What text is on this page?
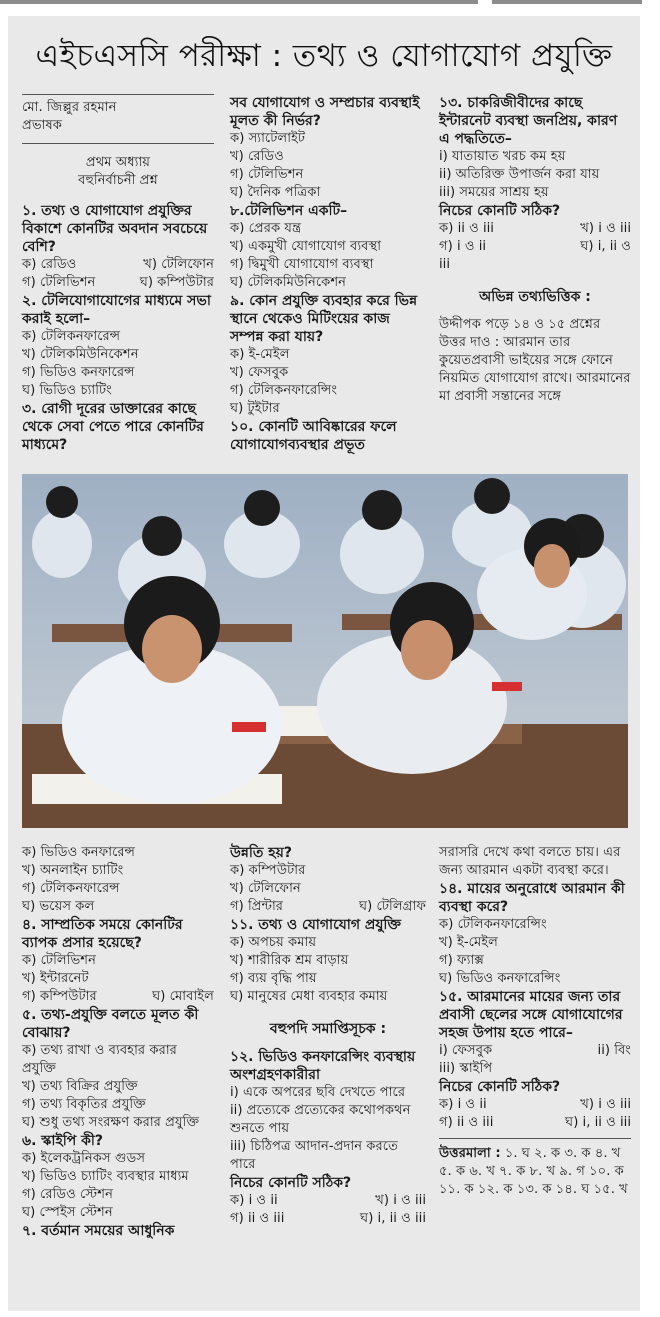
এইচএসসি পরীক্ষা : তথ্য ও যোগাযোগ প্রযুক্তি

মো. জিল্লুর রহমান

প্রভাষক

প্রথম অধ্যায়

বহুনির্বাচনী প্রশ্ন

১. তথ্য ও যোগাযোগ প্রযুক্তির বিকাশে কোনটির অবদান সবচেয়ে বেশি?

ক) রেডিও	খ) টেলিফোন
গ) টেলিভিশন	ঘ) কম্পিউটার

২. টেলিযোগাযোগের মাধ্যমে সভা করাই হলো–

ক) টেলিকনফারেন্স

খ) টেলিকমিউনিকেশন

গ) ভিডিও কনফারেন্স

ঘ) ভিডিও চ্যাটিং

৩. রোগী দূরের ডাক্তারের কাছে থেকে সেবা পেতে পারে কোনটির মাধ্যমে?

সব যোগাযোগ ও সম্প্রচার ব্যবস্থাই মূলত কী নির্ভর?

ক) স্যাটেলাইট

খ) রেডিও

গ) টেলিভিশন

ঘ) দৈনিক পত্রিকা

৮.টেলিভিশন একটি–

ক) প্রেরক যন্ত্র

খ) একমুখী যোগাযোগ ব্যবস্থা

গ) দ্বিমুখী যোগাযোগ ব্যবস্থা

ঘ) টেলিকমিউনিকেশন

৯. কোন প্রযুক্তি ব্যবহার করে ভিন্ন স্থানে থেকেও মিটিংয়ের কাজ সম্পন্ন করা যায়?

ক) ই-মেইল

খ) ফেসবুক

গ) টেলিকনফারেন্সিং

ঘ) টুইটার

১০. কোনটি আবিষ্কারের ফলে যোগাযোগব্যবস্থার প্রভূত

১৩. চাকরিজীবীদের কাছে ইন্টারনেট ব্যবস্থা জনপ্রিয়, কারণ এ পদ্ধতিতে–

i) যাতায়াত খরচ কম হয়

ii) অতিরিক্ত উপার্জন করা যায়

iii) সময়ের সাশ্রয় হয়

নিচের কোনটি সঠিক?

ক) ii ও iii	খ) i ও iii
গ) i ও ii	ঘ) i, ii ও

iii

অভিন্ন তথ্যভিত্তিক :

উদ্দীপক পড়ে ১৪ ও ১৫ প্রশ্নের উত্তর দাও : আরমান তার কুয়েতপ্রবাসী ভাইয়ের সঙ্গে ফোনে নিয়মিত যোগাযোগ রাখে। আরমানের মা প্রবাসী সন্তানের সঙ্গে

ক) ভিডিও কনফারেন্স

খ) অনলাইন চ্যাটিং

গ) টেলিকনফারেন্স

ঘ) ভয়েস কল

৪. সাম্প্রতিক সময়ে কোনটির ব্যাপক প্রসার হয়েছে?

ক) টেলিভিশন

খ) ইন্টারনেট

গ) কম্পিউটার	ঘ) মোবাইল

৫. তথ্য-প্রযুক্তি বলতে মূলত কী বোঝায়?

ক) তথ্য রাখা ও ব্যবহার করার প্রযুক্তি

খ) তথ্য বিক্রির প্রযুক্তি

গ) তথ্য বিকৃতির প্রযুক্তি

ঘ) শুধু তথ্য সংরক্ষণ করার প্রযুক্তি

৬. স্কাইপি কী?

ক) ইলেকট্রনিকস গুডস

খ) ভিডিও চ্যাটিং ব্যবস্থার মাধ্যম

গ) রেডিও স্টেশন

ঘ) স্পেইস স্টেশন

৭. বর্তমান সময়ের আধুনিক

উন্নতি হয়?

ক) কম্পিউটার

খ) টেলিফোন

গ) প্রিন্টার	ঘ) টেলিগ্রাফ

১১. তথ্য ও যোগাযোগ প্রযুক্তি

ক) অপচয় কমায়

খ) শারীরিক শ্রম বাড়ায়

গ) ব্যয় বৃদ্ধি পায়

ঘ) মানুষের মেধা ব্যবহার কমায়

বহুপদি সমাপ্তিসূচক :

১২. ভিডিও কনফারেন্সিং ব্যবস্থায় অংশগ্রহণকারীরা

i) একে অপরের ছবি দেখতে পারে

ii) প্রত্যেকে প্রত্যেকের কথোপকথন শুনতে পায়

iii) চিঠিপত্র আদান-প্রদান করতে পারে

নিচের কোনটি সঠিক?

ক) i ও ii	খ) i ও iii
গ) ii ও iii	ঘ) i, ii ও iii

সরাসরি দেখে কথা বলতে চায়। এর জন্য আরমান একটা ব্যবস্থা করে।

১৪. মায়ের অনুরোধে আরমান কী ব্যবস্থা করে?

ক) টেলিকনফারেন্সিং

খ) ই-মেইল

গ) ফ্যাক্স

ঘ) ভিডিও কনফারেন্সিং

১৫. আরমানের মায়ের জন্য তার প্রবাসী ছেলের সঙ্গে যোগাযোগের সহজ উপায় হতে পারে–

i) ফেসবুক	ii) বিং

iii) স্কাইপি

নিচের কোনটি সঠিক?

ক) i ও ii	খ) i ও iii
গ) ii ও iii	ঘ) i, ii ও iii

উত্তরমালা : ১. ঘ ২. ক ৩. ক ৪. খ ৫. ক ৬. খ ৭. ক ৮. খ ৯. গ ১০. ক ১১. ক ১২. ক ১৩. ক ১৪. ঘ ১৫. খ
